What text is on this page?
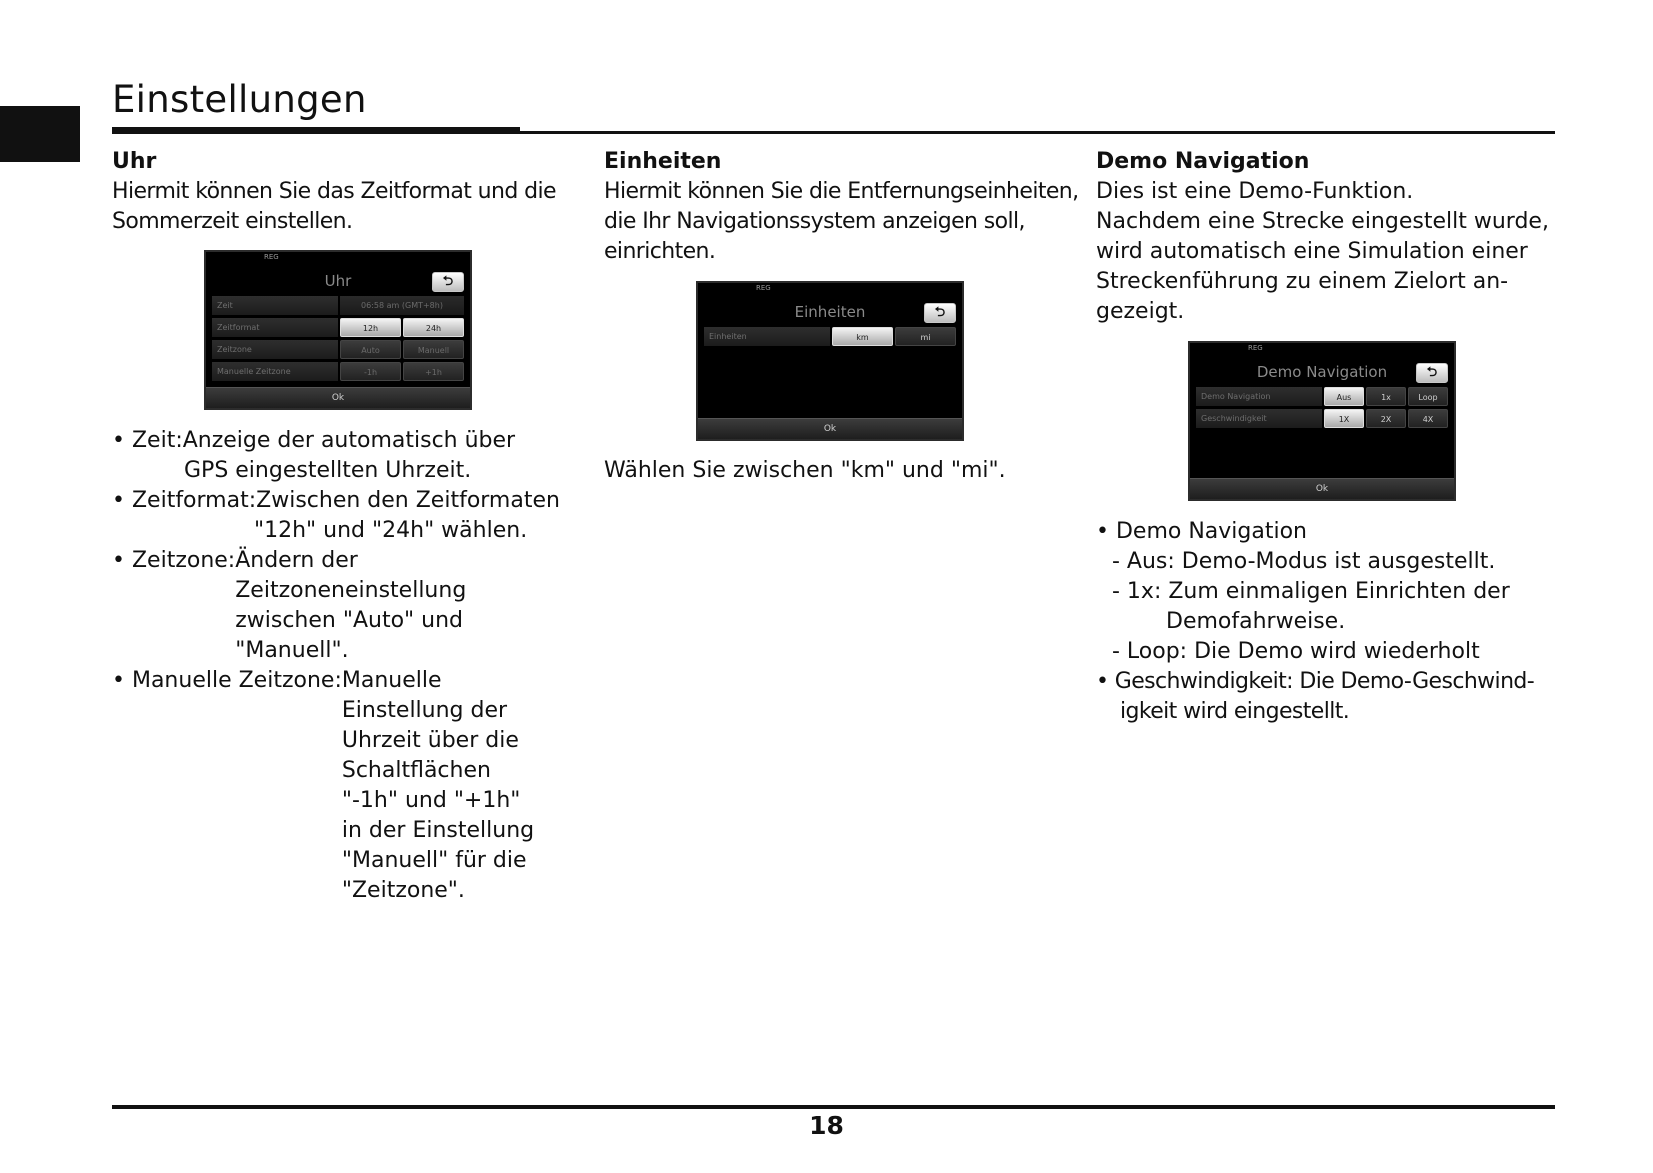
Einstellungen
Uhr

Hiermit können Sie das Zeitformat und die
Sommerzeit einstellen.

REG
Uhr	⮌
Zeit	06:58 am (GMT+8h)
Zeitformat	12h	24h
Zeitzone	Auto	Manuell
Manuelle Zeitzone	-1h	+1h
Ok
• Zeit: Anzeige der automatisch über
GPS eingestellten Uhrzeit.
• Zeitformat: Zwischen den Zeitformaten
"12h" und "24h" wählen.
• Zeitzone: Ändern der
Zeitzoneneinstellung
zwischen "Auto" und
"Manuell".
• Manuelle Zeitzone: Manuelle
Einstellung der
Uhrzeit über die
Schaltflächen
"-1h" und "+1h"
in der Einstellung
"Manuell" für die
"Zeitzone".
Einheiten

Hiermit können Sie die Entfernungseinheiten,
die Ihr Navigationssystem anzeigen soll,
einrichten.

REG
Einheiten	⮌
Einheiten	km	mi
Ok

Wählen Sie zwischen "km" und "mi".

Demo Navigation

Dies ist eine Demo-Funktion.
Nachdem eine Strecke eingestellt wurde,
wird automatisch eine Simulation einer
Streckenführung zu einem Zielort an-
gezeigt.

REG
Demo Navigation	⮌
Demo Navigation	Aus	1x	Loop
Geschwindigkeit	1X	2X	4X
Ok
• Demo Navigation
- Aus: Demo-Modus ist ausgestellt.
- 1x: Zum einmaligen Einrichten der
Demofahrweise.
- Loop: Die Demo wird wiederholt
• Geschwindigkeit: Die Demo-Geschwind-
igkeit wird eingestellt.
18
